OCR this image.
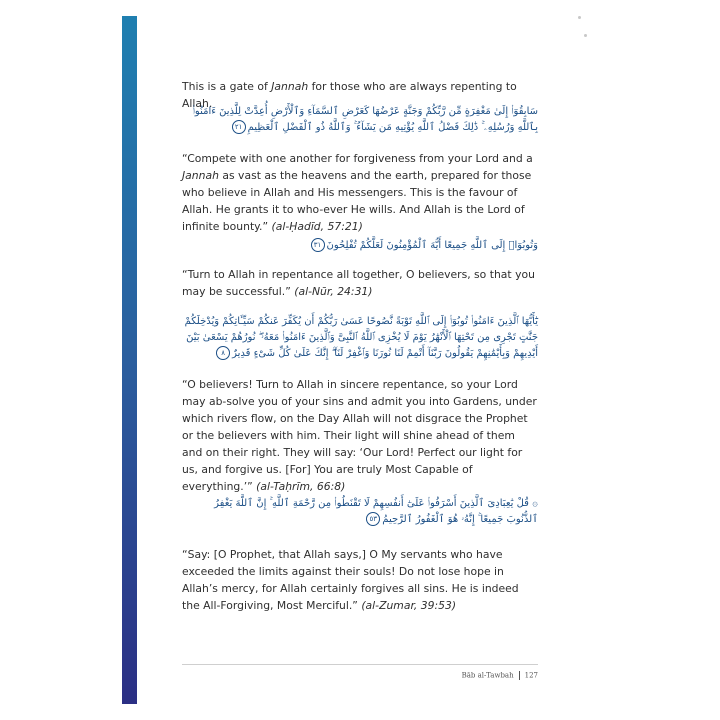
This is a gate of Jannah for those who are always repenting to Allah.
سَابِقُوٓا۟ إِلَىٰ مَغْفِرَةٍ مِّن رَّبِّكُمْ وَجَنَّةٍ عَرْضُهَا كَعَرْضِ ٱلسَّمَآءِ وَٱلْأَرْضِ أُعِدَّتْ لِلَّذِينَ ءَامَنُوا۟ بِٱللَّهِ وَرُسُلِهِۦ ۚ ذَٰلِكَ فَضْلُ ٱللَّهِ يُؤْتِيهِ مَن يَشَآءُ ۚ وَٱللَّهُ ذُو ٱلْفَضْلِ ٱلْعَظِيمِ٢١
“Compete with one another for forgiveness from your Lord and a Jannah as vast as the heavens and the earth, prepared for those who believe in Allah and His messengers. This is the favour of Allah. He grants it to who-ever He wills. And Allah is the Lord of infinite bounty.” (al-Ḥadīd, 57:21)
وَتُوبُوٓا۟ إِلَى ٱللَّهِ جَمِيعًا أَيُّهَ ٱلْمُؤْمِنُونَ لَعَلَّكُمْ تُفْلِحُونَ٣١
“Turn to Allah in repentance all together, O believers, so that you may be successful.” (al-Nūr, 24:31)
يَٰٓأَيُّهَا ٱلَّذِينَ ءَامَنُوا۟ تُوبُوٓا۟ إِلَى ٱللَّهِ تَوْبَةً نَّصُوحًا عَسَىٰ رَبُّكُمْ أَن يُكَفِّرَ عَنكُمْ سَيِّـَٔاتِكُمْ وَيُدْخِلَكُمْ جَنَّٰتٍ تَجْرِى مِن تَحْتِهَا ٱلْأَنْهَٰرُ يَوْمَ لَا يُخْزِى ٱللَّهُ ٱلنَّبِىَّ وَٱلَّذِينَ ءَامَنُوا۟ مَعَهُۥ ۖ نُورُهُمْ يَسْعَىٰ بَيْنَ أَيْدِيهِمْ وَبِأَيْمَٰنِهِمْ يَقُولُونَ رَبَّنَآ أَتْمِمْ لَنَا نُورَنَا وَٱغْفِرْ لَنَآ ۖ إِنَّكَ عَلَىٰ كُلِّ شَىْءٍ قَدِيرٌ٨
“O believers! Turn to Allah in sincere repentance, so your Lord may ab-solve you of your sins and admit you into Gardens, under which rivers flow, on the Day Allah will not disgrace the Prophet or the believers with him. Their light will shine ahead of them and on their right. They will say: ‘Our Lord! Perfect our light for us, and forgive us. [For] You are truly Most Capable of everything.’” (al-Taḥrīm, 66:8)
۞ قُلْ يَٰعِبَادِىَ ٱلَّذِينَ أَسْرَفُوا۟ عَلَىٰٓ أَنفُسِهِمْ لَا تَقْنَطُوا۟ مِن رَّحْمَةِ ٱللَّهِ ۚ إِنَّ ٱللَّهَ يَغْفِرُ ٱلذُّنُوبَ جَمِيعًا ۚ إِنَّهُۥ هُوَ ٱلْغَفُورُ ٱلرَّحِيمُ٥٣
“Say: [O Prophet, that Allah says,] O My servants who have exceeded the limits against their souls! Do not lose hope in Allah’s mercy, for Allah certainly forgives all sins. He is indeed the All-Forgiving, Most Merciful.” (al-Zumar, 39:53)
Bāb al-Tawbah 127
